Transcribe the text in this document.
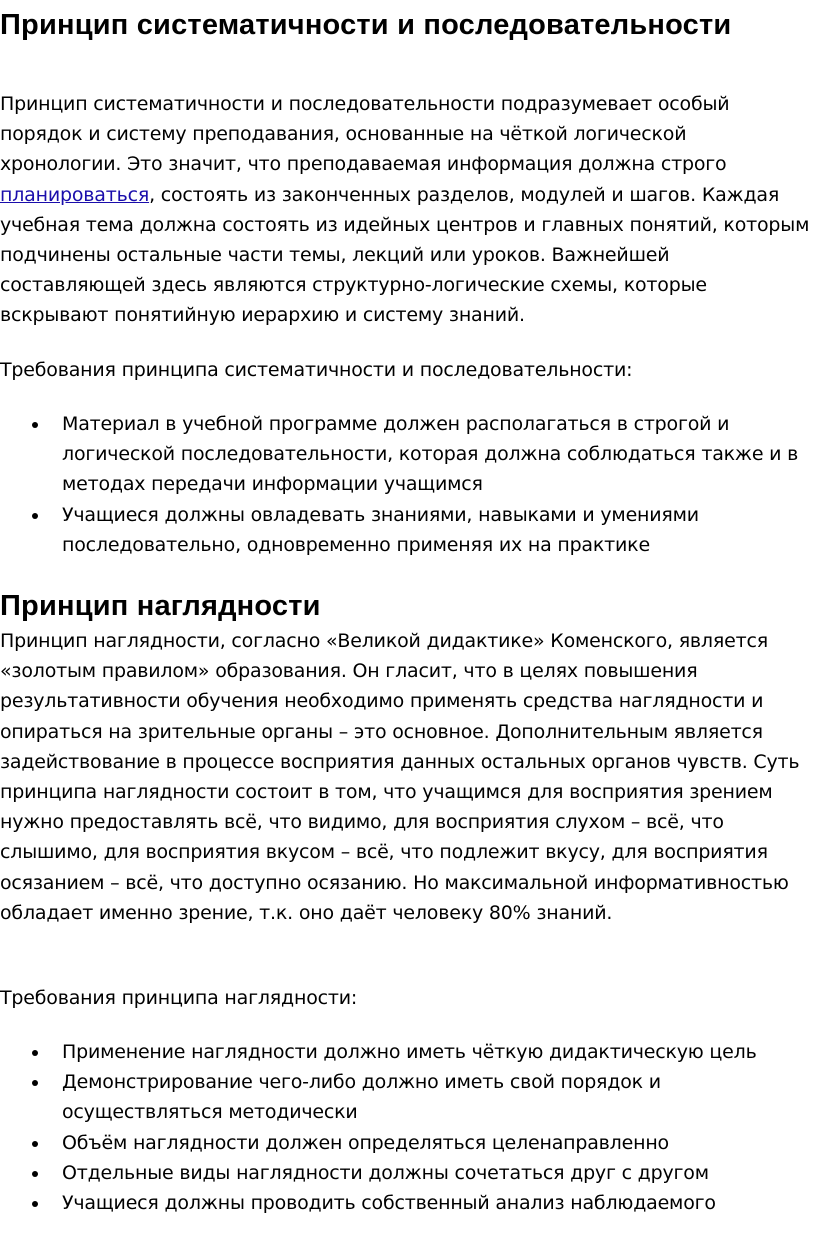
Принцип систематичности и последовательности

Принцип систематичности и последовательности подразумевает особый порядок и систему преподавания, основанные на чёткой логической хронологии. Это значит, что преподаваемая информация должна строго планироваться, состоять из законченных разделов, модулей и шагов. Каждая учебная тема должна состоять из идейных центров и главных понятий, которым подчинены остальные части темы, лекций или уроков. Важнейшей составляющей здесь являются структурно-логические схемы, которые вскрывают понятийную иерархию и систему знаний.

Требования принципа систематичности и последовательности:

Материал в учебной программе должен располагаться в строгой и логической последовательности, которая должна соблюдаться также и в методах передачи информации учащимся
Учащиеся должны овладевать знаниями, навыками и умениями последовательно, одновременно применяя их на практике
Принцип наглядности

Принцип наглядности, согласно «Великой дидактике» Коменского, является «золотым правилом» образования. Он гласит, что в целях повышения результативности обучения необходимо применять средства наглядности и опираться на зрительные органы – это основное. Дополнительным является задействование в процессе восприятия данных остальных органов чувств. Суть принципа наглядности состоит в том, что учащимся для восприятия зрением нужно предоставлять всё, что видимо, для восприятия слухом – всё, что слышимо, для восприятия вкусом – всё, что подлежит вкусу, для восприятия осязанием – всё, что доступно осязанию. Но максимальной информативностью обладает именно зрение, т.к. оно даёт человеку 80% знаний.

Требования принципа наглядности:

Применение наглядности должно иметь чёткую дидактическую цель
Демонстрирование чего-либо должно иметь свой порядок и осуществляться методически
Объём наглядности должен определяться целенаправленно
Отдельные виды наглядности должны сочетаться друг с другом
Учащиеся должны проводить собственный анализ наблюдаемого
